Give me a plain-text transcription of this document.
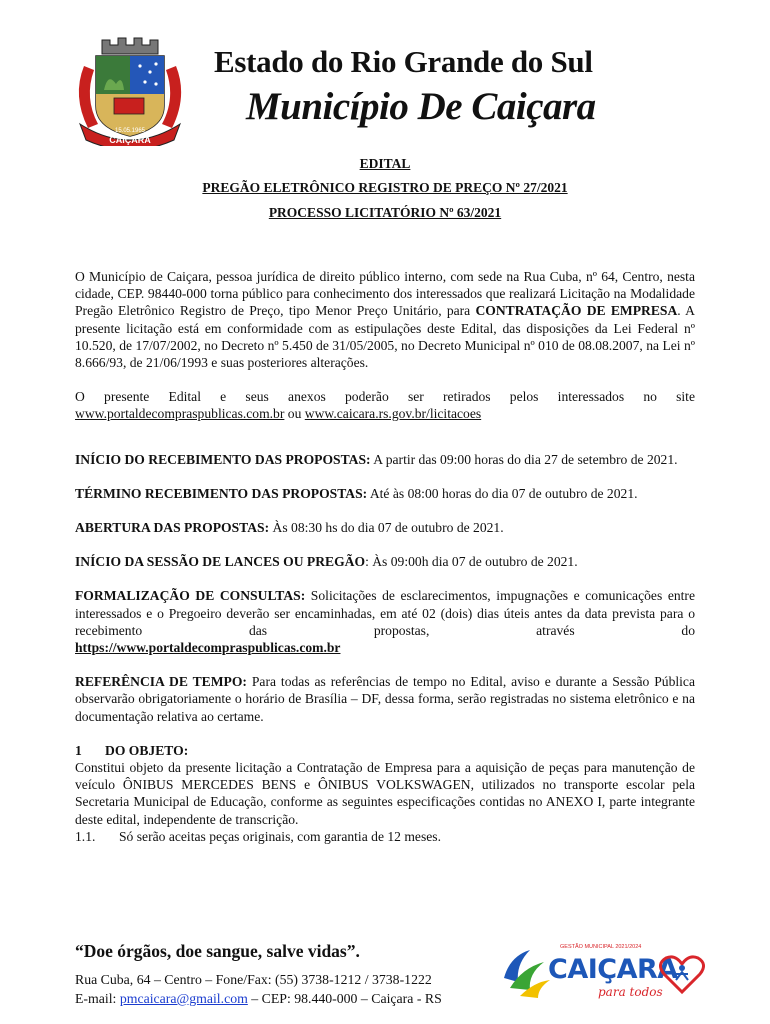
15.05.1965
CAIÇARA
Estado do Rio Grande do Sul
Município De Caiçara
EDITAL
PREGÃO ELETRÔNICO REGISTRO DE PREÇO Nº 27/2021
PROCESSO LICITATÓRIO Nº 63/2021

O Município de Caiçara, pessoa jurídica de direito público interno, com sede na Rua Cuba, nº 64, Centro, nesta cidade, CEP. 98440-000 torna público para conhecimento dos interessados que realizará Licitação na Modalidade Pregão Eletrônico Registro de Preço, tipo Menor Preço Unitário, para CONTRATAÇÃO DE EMPRESA. A presente licitação está em conformidade com as estipulações deste Edital, das disposições da Lei Federal nº 10.520, de 17/07/2002, no Decreto nº 5.450 de 31/05/2005, no Decreto Municipal nº 010 de 08.08.2007, na Lei nº 8.666/93, de 21/06/1993 e suas posteriores alterações.

O presente Edital e seus anexos poderão ser retirados pelos interessados no site
www.portaldecompraspublicas.com.br ou www.caicara.rs.gov.br/licitacoes

INÍCIO DO RECEBIMENTO DAS PROPOSTAS: A partir das 09:00 horas do dia 27 de setembro de 2021.

TÉRMINO RECEBIMENTO DAS PROPOSTAS: Até às 08:00 horas do dia 07 de outubro de 2021.

ABERTURA DAS PROPOSTAS: Às 08:30 hs do dia 07 de outubro de 2021.

INÍCIO DA SESSÃO DE LANCES OU PREGÃO: Às 09:00h dia 07 de outubro de 2021.

FORMALIZAÇÃO DE CONSULTAS: Solicitações de esclarecimentos, impugnações e comunicações entre interessados e o Pregoeiro deverão ser encaminhadas, em até 02 (dois) dias úteis antes da data prevista para o recebimento das propostas, através do
https://www.portaldecompraspublicas.com.br

REFERÊNCIA DE TEMPO: Para todas as referências de tempo no Edital, aviso e durante a Sessão Pública observarão obrigatoriamente o horário de Brasília – DF, dessa forma, serão registradas no sistema eletrônico e na documentação relativa ao certame.

1	DO OBJETO:
Constitui objeto da presente licitação a Contratação de Empresa para a aquisição de peças para manutenção de veículo ÔNIBUS MERCEDES BENS e ÔNIBUS VOLKSWAGEN, utilizados no transporte escolar pela Secretaria Municipal de Educação, conforme as seguintes especificações contidas no ANEXO I, parte integrante deste edital, independente de transcrição.
1.1.	Só serão aceitas peças originais, com garantia de 12 meses.

“Doe órgãos, doe sangue, salve vidas”.

Rua Cuba, 64 – Centro – Fone/Fax: (55) 3738-1212 / 3738-1222

E-mail: pmcaicara@gmail.com – CEP: 98.440-000 – Caiçara - RS

GESTÃO MUNICIPAL 2021/2024
CAIÇARA
para todos
